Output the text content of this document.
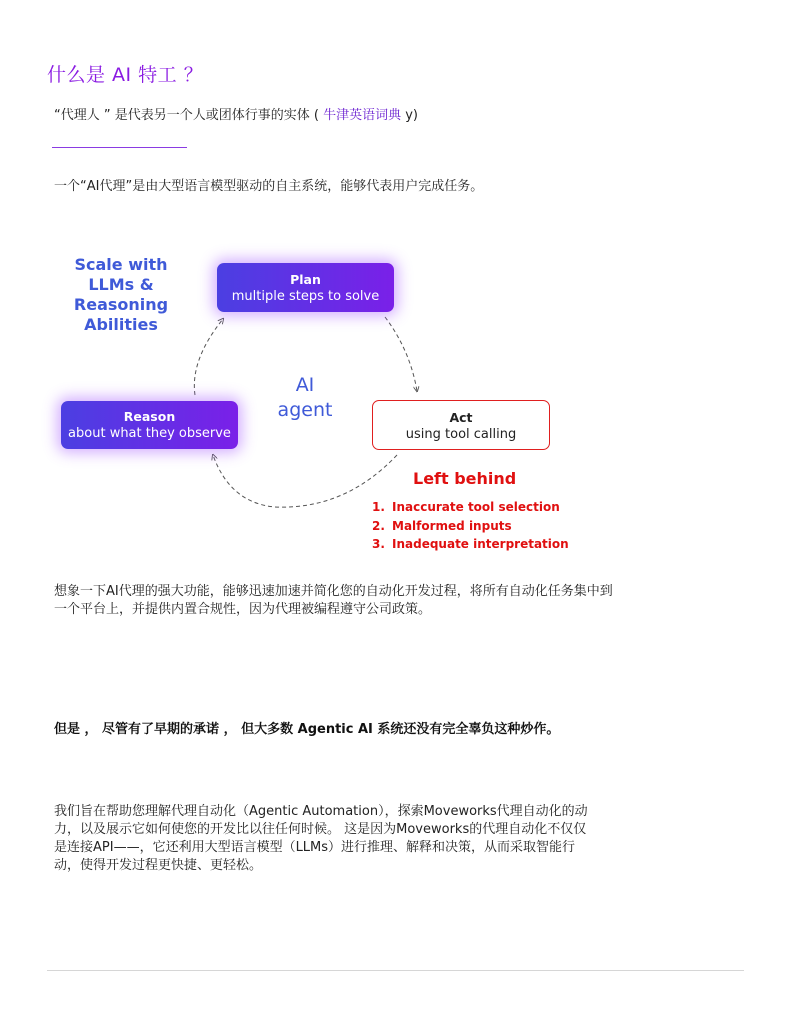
什么是 AI 特工 ？
“代理人 ” 是代表另一个人或团体行事的实体 ( 牛津英语词典 y)
一个“AI代理”是由大型语言模型驱动的自主系统，能够代表用户完成任务。
Scale with LLMs & Reasoning Abilities
Plan
multiple steps to solve
AI
agent
Reason
about what they observe
Act
using tool calling
Left behind
1. Inaccurate tool selection
2. Malformed inputs
3. Inadequate interpretation
想象一下AI代理的强大功能，能够迅速加速并简化您的自动化开发过程，将所有自动化任务集中到一个平台上，并提供内置合规性，因为代理被编程遵守公司政策。
但是 ， 尽管有了早期的承诺 ， 但大多数 Agentic AI 系统还没有完全辜负这种炒作。
我们旨在帮助您理解代理自动化（Agentic Automation），探索Moveworks代理自动化的动力，以及展示它如何使您的开发比以往任何时候。 这是因为Moveworks的代理自动化不仅仅是连接API——，它还利用大型语言模型（LLMs）进行推理、解释和决策，从而采取智能行动，使得开发过程更快捷、更轻松。
